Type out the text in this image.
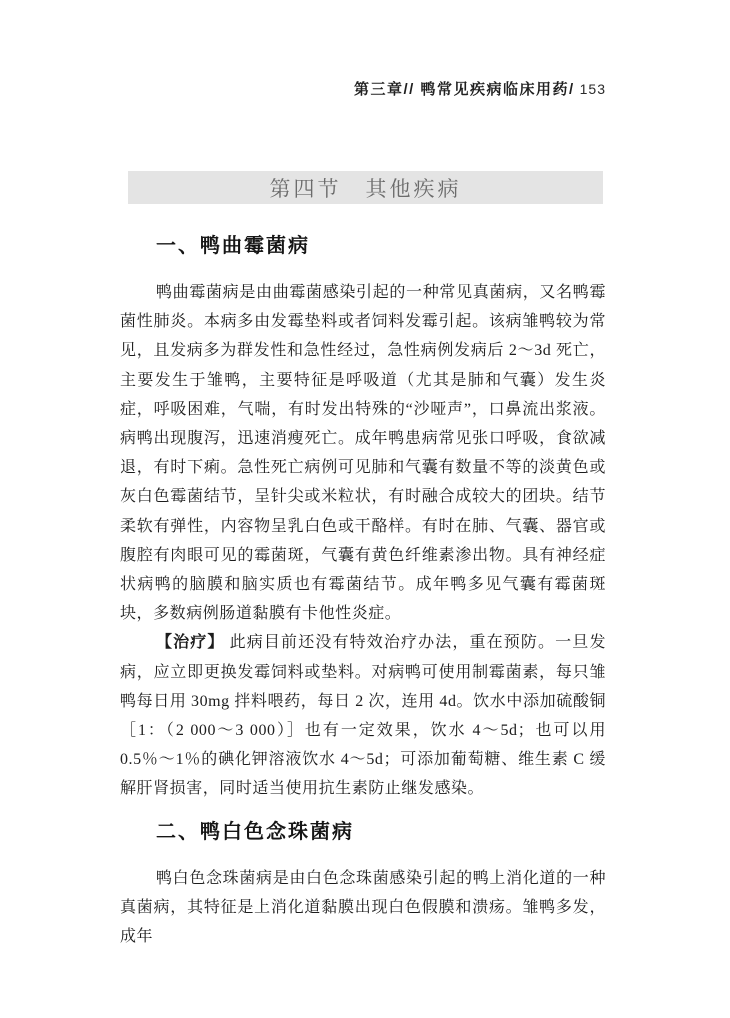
第三章// 鸭常见疾病临床用药/ 153
第四节　其他疾病
一、鸭曲霉菌病

鸭曲霉菌病是由曲霉菌感染引起的一种常见真菌病，又名鸭霉菌性肺炎。本病多由发霉垫料或者饲料发霉引起。该病雏鸭较为常见，且发病多为群发性和急性经过，急性病例发病后 2～3d 死亡，主要发生于雏鸭，主要特征是呼吸道（尤其是肺和气囊）发生炎症，呼吸困难，气喘，有时发出特殊的“沙哑声”，口鼻流出浆液。病鸭出现腹泻，迅速消瘦死亡。成年鸭患病常见张口呼吸，食欲减退，有时下痢。急性死亡病例可见肺和气囊有数量不等的淡黄色或灰白色霉菌结节，呈针尖或米粒状，有时融合成较大的团块。结节柔软有弹性，内容物呈乳白色或干酪样。有时在肺、气囊、器官或腹腔有肉眼可见的霉菌斑，气囊有黄色纤维素渗出物。具有神经症状病鸭的脑膜和脑实质也有霉菌结节。成年鸭多见气囊有霉菌斑块，多数病例肠道黏膜有卡他性炎症。

【治疗】 此病目前还没有特效治疗办法，重在预防。一旦发病，应立即更换发霉饲料或垫料。对病鸭可使用制霉菌素，每只雏鸭每日用 30mg 拌料喂药，每日 2 次，连用 4d。饮水中添加硫酸铜［1：（2 000～3 000）］也有一定效果，饮水 4～5d；也可以用 0.5％～1％的碘化钾溶液饮水 4～5d；可添加葡萄糖、维生素 C 缓解肝肾损害，同时适当使用抗生素防止继发感染。

二、鸭白色念珠菌病

鸭白色念珠菌病是由白色念珠菌感染引起的鸭上消化道的一种真菌病，其特征是上消化道黏膜出现白色假膜和溃疡。雏鸭多发，成年
